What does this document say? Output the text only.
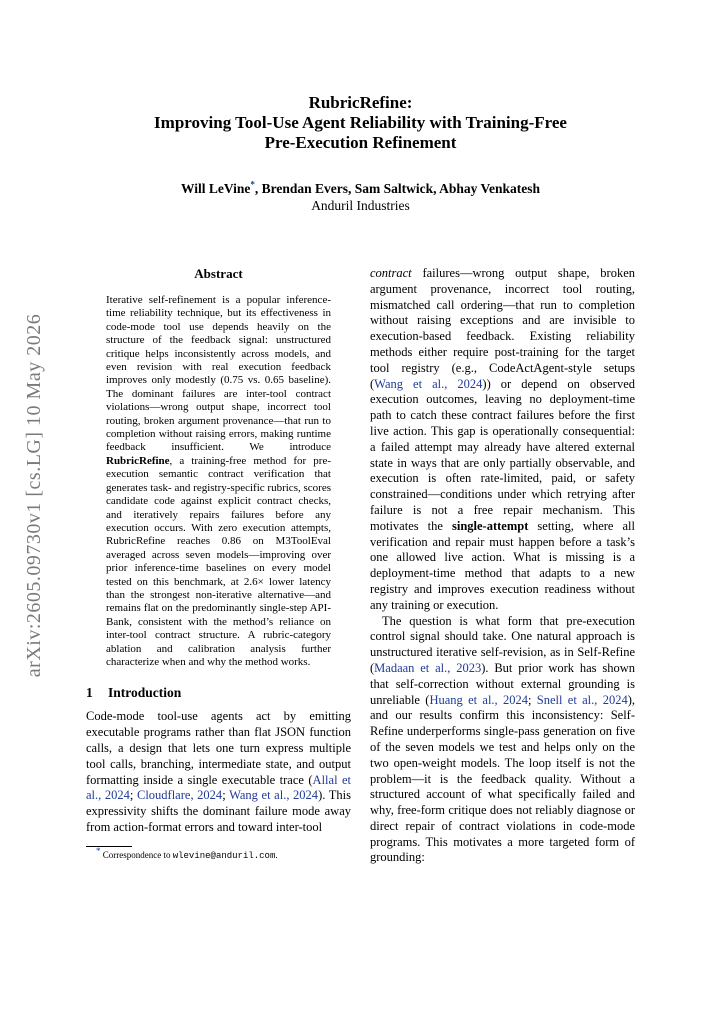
arXiv:2605.09730v1 [cs.LG] 10 May 2026
RubricRefine:
Improving Tool-Use Agent Reliability with Training-Free
Pre-Execution Refinement
Will LeVine*, Brendan Evers, Sam Saltwick, Abhay Venkatesh
Anduril Industries
Abstract

Iterative self-refinement is a popular inference-time reliability technique, but its effectiveness in code-mode tool use depends heavily on the structure of the feedback signal: unstructured critique helps inconsistently across models, and even revision with real execution feedback improves only modestly (0.75 vs. 0.65 baseline). The dominant failures are inter-tool contract violations—wrong output shape, incorrect tool routing, broken argument provenance—that run to completion without raising errors, making runtime feedback insufficient. We introduce RubricRefine, a training-free method for pre-execution semantic contract verification that generates task- and registry-specific rubrics, scores candidate code against explicit contract checks, and iteratively repairs failures before any execution occurs. With zero execution attempts, RubricRefine reaches 0.86 on M3ToolEval averaged across seven models—improving over prior inference-time baselines on every model tested on this benchmark, at 2.6× lower latency than the strongest non-iterative alternative—and remains flat on the predominantly single-step API-Bank, consistent with the method’s reliance on inter-tool contract structure. A rubric-category ablation and calibration analysis further characterize when and why the method works.

1 Introduction

Code-mode tool-use agents act by emitting executable programs rather than flat JSON function calls, a design that lets one turn express multiple tool calls, branching, intermediate state, and output formatting inside a single executable trace (Allal et al., 2024; Cloudflare, 2024; Wang et al., 2024). This expressivity shifts the dominant failure mode away from action-format errors and toward inter-tool

* Correspondence to wlevine@anduril.com.

contract failures—wrong output shape, broken argument provenance, incorrect tool routing, mismatched call ordering—that run to completion without raising exceptions and are invisible to execution-based feedback. Existing reliability methods either require post-training for the target tool registry (e.g., CodeActAgent-style setups (Wang et al., 2024)) or depend on observed execution outcomes, leaving no deployment-time path to catch these contract failures before the first live action. This gap is operationally consequential: a failed attempt may already have altered external state in ways that are only partially observable, and execution is often rate-limited, paid, or safety constrained—conditions under which retrying after failure is not a free repair mechanism. This motivates the single-attempt setting, where all verification and repair must happen before a task’s one allowed live action. What is missing is a deployment-time method that adapts to a new registry and improves execution readiness without any training or execution.

The question is what form that pre-execution control signal should take. One natural approach is unstructured iterative self-revision, as in Self-Refine (Madaan et al., 2023). But prior work has shown that self-correction without external grounding is unreliable (Huang et al., 2024; Snell et al., 2024), and our results confirm this inconsistency: Self-Refine underperforms single-pass generation on five of the seven models we test and helps only on the two open-weight models. The loop itself is not the problem—it is the feedback quality. Without a structured account of what specifically failed and why, free-form critique does not reliably diagnose or direct repair of contract violations in code-mode programs. This motivates a more targeted form of grounding:
